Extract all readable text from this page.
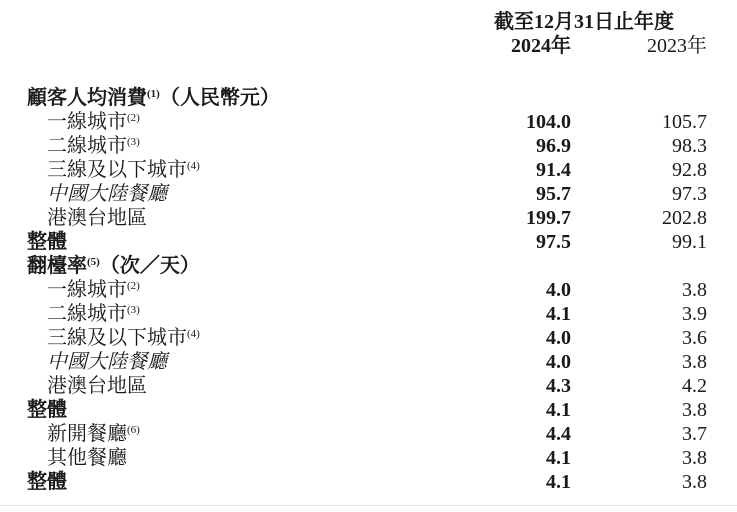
截至12月31日止年度
2024年	2023年
顧客人均消費$^{(1)}$（人民幣元）
一線城市$^{(2)}$	104.0	105.7
二線城市$^{(3)}$	96.9	98.3
三線及以下城市$^{(4)}$	91.4	92.8
中國大陸餐廳	95.7	97.3
港澳台地區	199.7	202.8
整體	97.5	99.1
翻檯率$^{(5)}$（次／天）
一線城市$^{(2)}$	4.0	3.8
二線城市$^{(3)}$	4.1	3.9
三線及以下城市$^{(4)}$	4.0	3.6
中國大陸餐廳	4.0	3.8
港澳台地區	4.3	4.2
整體	4.1	3.8
新開餐廳$^{(6)}$	4.4	3.7
其他餐廳	4.1	3.8
整體	4.1	3.8
